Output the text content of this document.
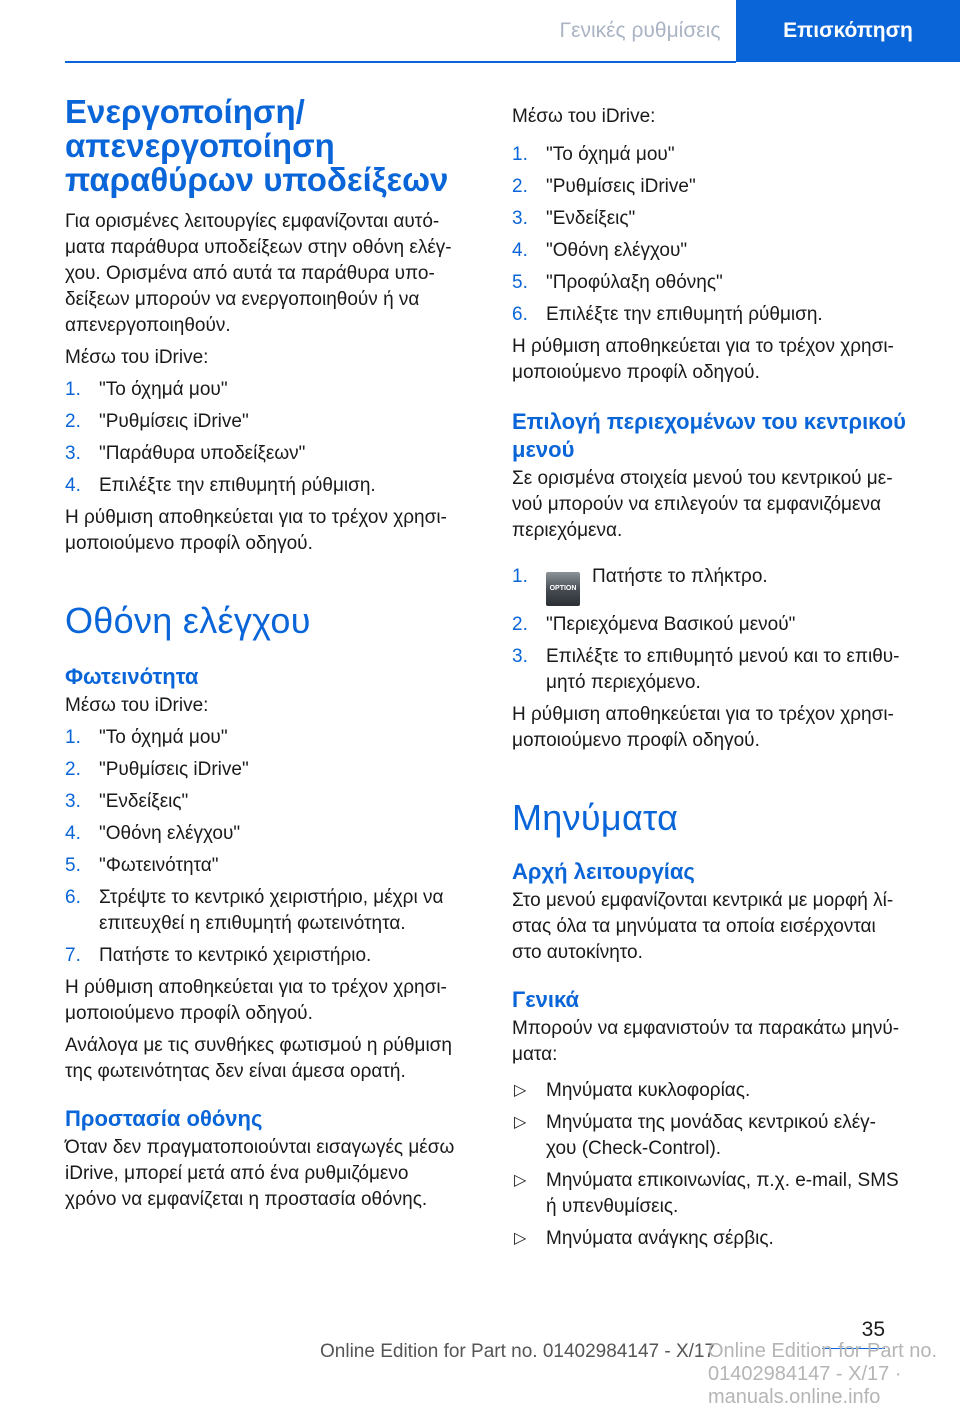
Γενικές ρυθμίσεις	Επισκόπηση
Ενεργοποίηση/
απενεργοποίηση
παραθύρων υποδείξεων

Για ορισμένες λειτουργίες εμφανίζονται αυτό-
ματα παράθυρα υποδείξεων στην οθόνη ελέγ-
χου. Ορισμένα από αυτά τα παράθυρα υπο-
δείξεων μπορούν να ενεργοποιηθούν ή να
απενεργοποιηθούν.

Μέσω του iDrive:

1. "Το όχημά μου"
2. "Ρυθμίσεις iDrive"
3. "Παράθυρα υποδείξεων"
4. Επιλέξτε την επιθυμητή ρύθμιση.

Η ρύθμιση αποθηκεύεται για το τρέχον χρησι-
μοποιούμενο προφίλ οδηγού.

Οθόνη ελέγχου
Φωτεινότητα

Μέσω του iDrive:

1. "Το όχημά μου"
2. "Ρυθμίσεις iDrive"
3. "Ενδείξεις"
4. "Οθόνη ελέγχου"
5. "Φωτεινότητα"
6. Στρέψτε το κεντρικό χειριστήριο, μέχρι να
επιτευχθεί η επιθυμητή φωτεινότητα.
7. Πατήστε το κεντρικό χειριστήριο.

Η ρύθμιση αποθηκεύεται για το τρέχον χρησι-
μοποιούμενο προφίλ οδηγού.

Ανάλογα με τις συνθήκες φωτισμού η ρύθμιση
της φωτεινότητας δεν είναι άμεσα ορατή.

Προστασία οθόνης

Όταν δεν πραγματοποιούνται εισαγωγές μέσω
iDrive, μπορεί μετά από ένα ρυθμιζόμενο
χρόνο να εμφανίζεται η προστασία οθόνης.

Μέσω του iDrive:

1. "Το όχημά μου"
2. "Ρυθμίσεις iDrive"
3. "Ενδείξεις"
4. "Οθόνη ελέγχου"
5. "Προφύλαξη οθόνης"
6. Επιλέξτε την επιθυμητή ρύθμιση.

Η ρύθμιση αποθηκεύεται για το τρέχον χρησι-
μοποιούμενο προφίλ οδηγού.

Επιλογή περιεχομένων του κεντρικού
μενού

Σε ορισμένα στοιχεία μενού του κεντρικού με-
νού μπορούν να επιλεγούν τα εμφανιζόμενα
περιεχόμενα.

1.
OPTIONΠατήστε το πλήκτρο.
2. "Περιεχόμενα Βασικού μενού"
3. Επιλέξτε το επιθυμητό μενού και το επιθυ-
μητό περιεχόμενο.

Η ρύθμιση αποθηκεύεται για το τρέχον χρησι-
μοποιούμενο προφίλ οδηγού.

Μηνύματα
Αρχή λειτουργίας

Στο μενού εμφανίζονται κεντρικά με μορφή λί-
στας όλα τα μηνύματα τα οποία εισέρχονται
στο αυτοκίνητο.

Γενικά

Μπορούν να εμφανιστούν τα παρακάτω μηνύ-
ματα:

▷ Μηνύματα κυκλοφορίας.
▷ Μηνύματα της μονάδας κεντρικού ελέγ-
χου (Check-Control).
▷ Μηνύματα επικοινωνίας, π.χ. e-mail, SMS
ή υπενθυμίσεις.
▷ Μηνύματα ανάγκης σέρβις.
35
Online Edition for Part no. 01402984147 - X/17
Online Edition for Part no. 01402984147 - X/17 · manuals.online.info
